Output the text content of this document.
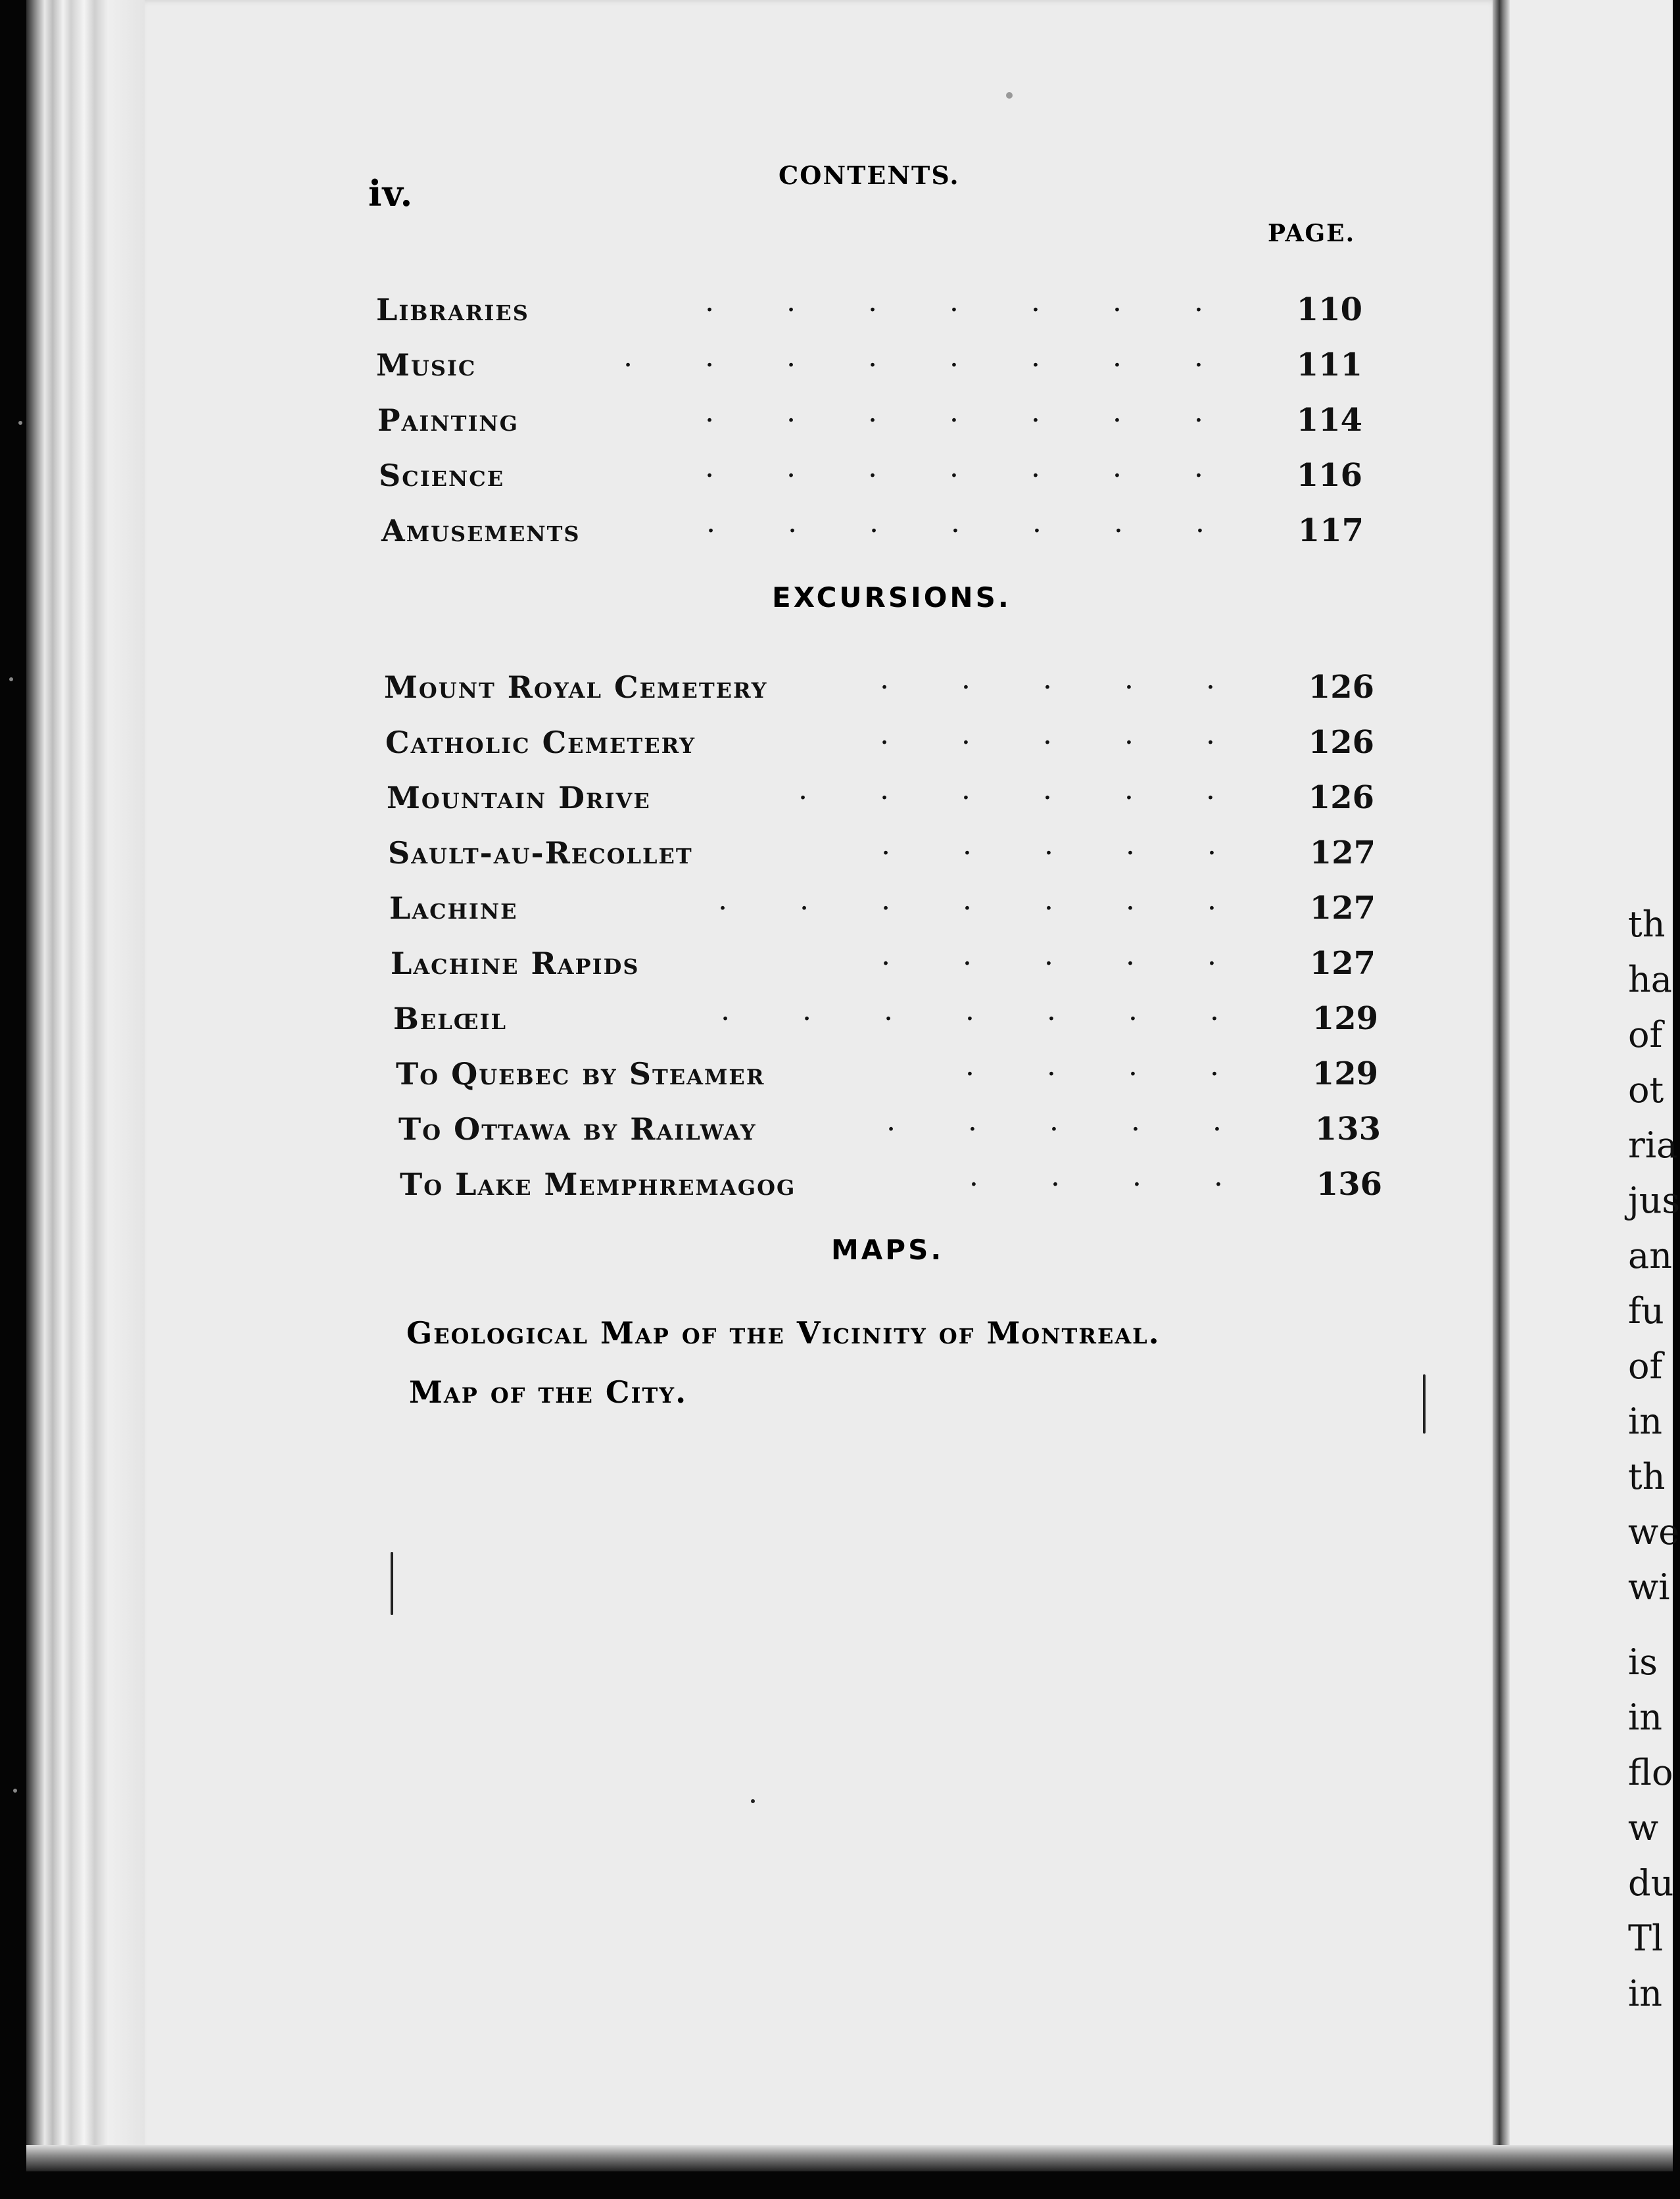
iv.	CONTENTS.
PAGE.
Libraries	······· 110
Music	········ 111
Painting	······· 114
Science	······· 116
Amusements	······· 117
EXCURSIONS.
Mount Royal Cemetery	····· 126
Catholic Cemetery	····· 126
Mountain Drive	······ 126
Sault-au-Recollet	····· 127
Lachine	······· 127
Lachine Rapids	····· 127
Belœil	······· 129
To Quebec by Steamer	···· 129
To Ottawa by Railway	····· 133
To Lake Memphremagog	···· 136
MAPS.
Geological Map of the Vicinity of Montreal.
Map of the City.

th
ha
of
ot
ria
jus
an
fu
of
in
th
we
wi

is
in
flo
w
du
Tl
in
